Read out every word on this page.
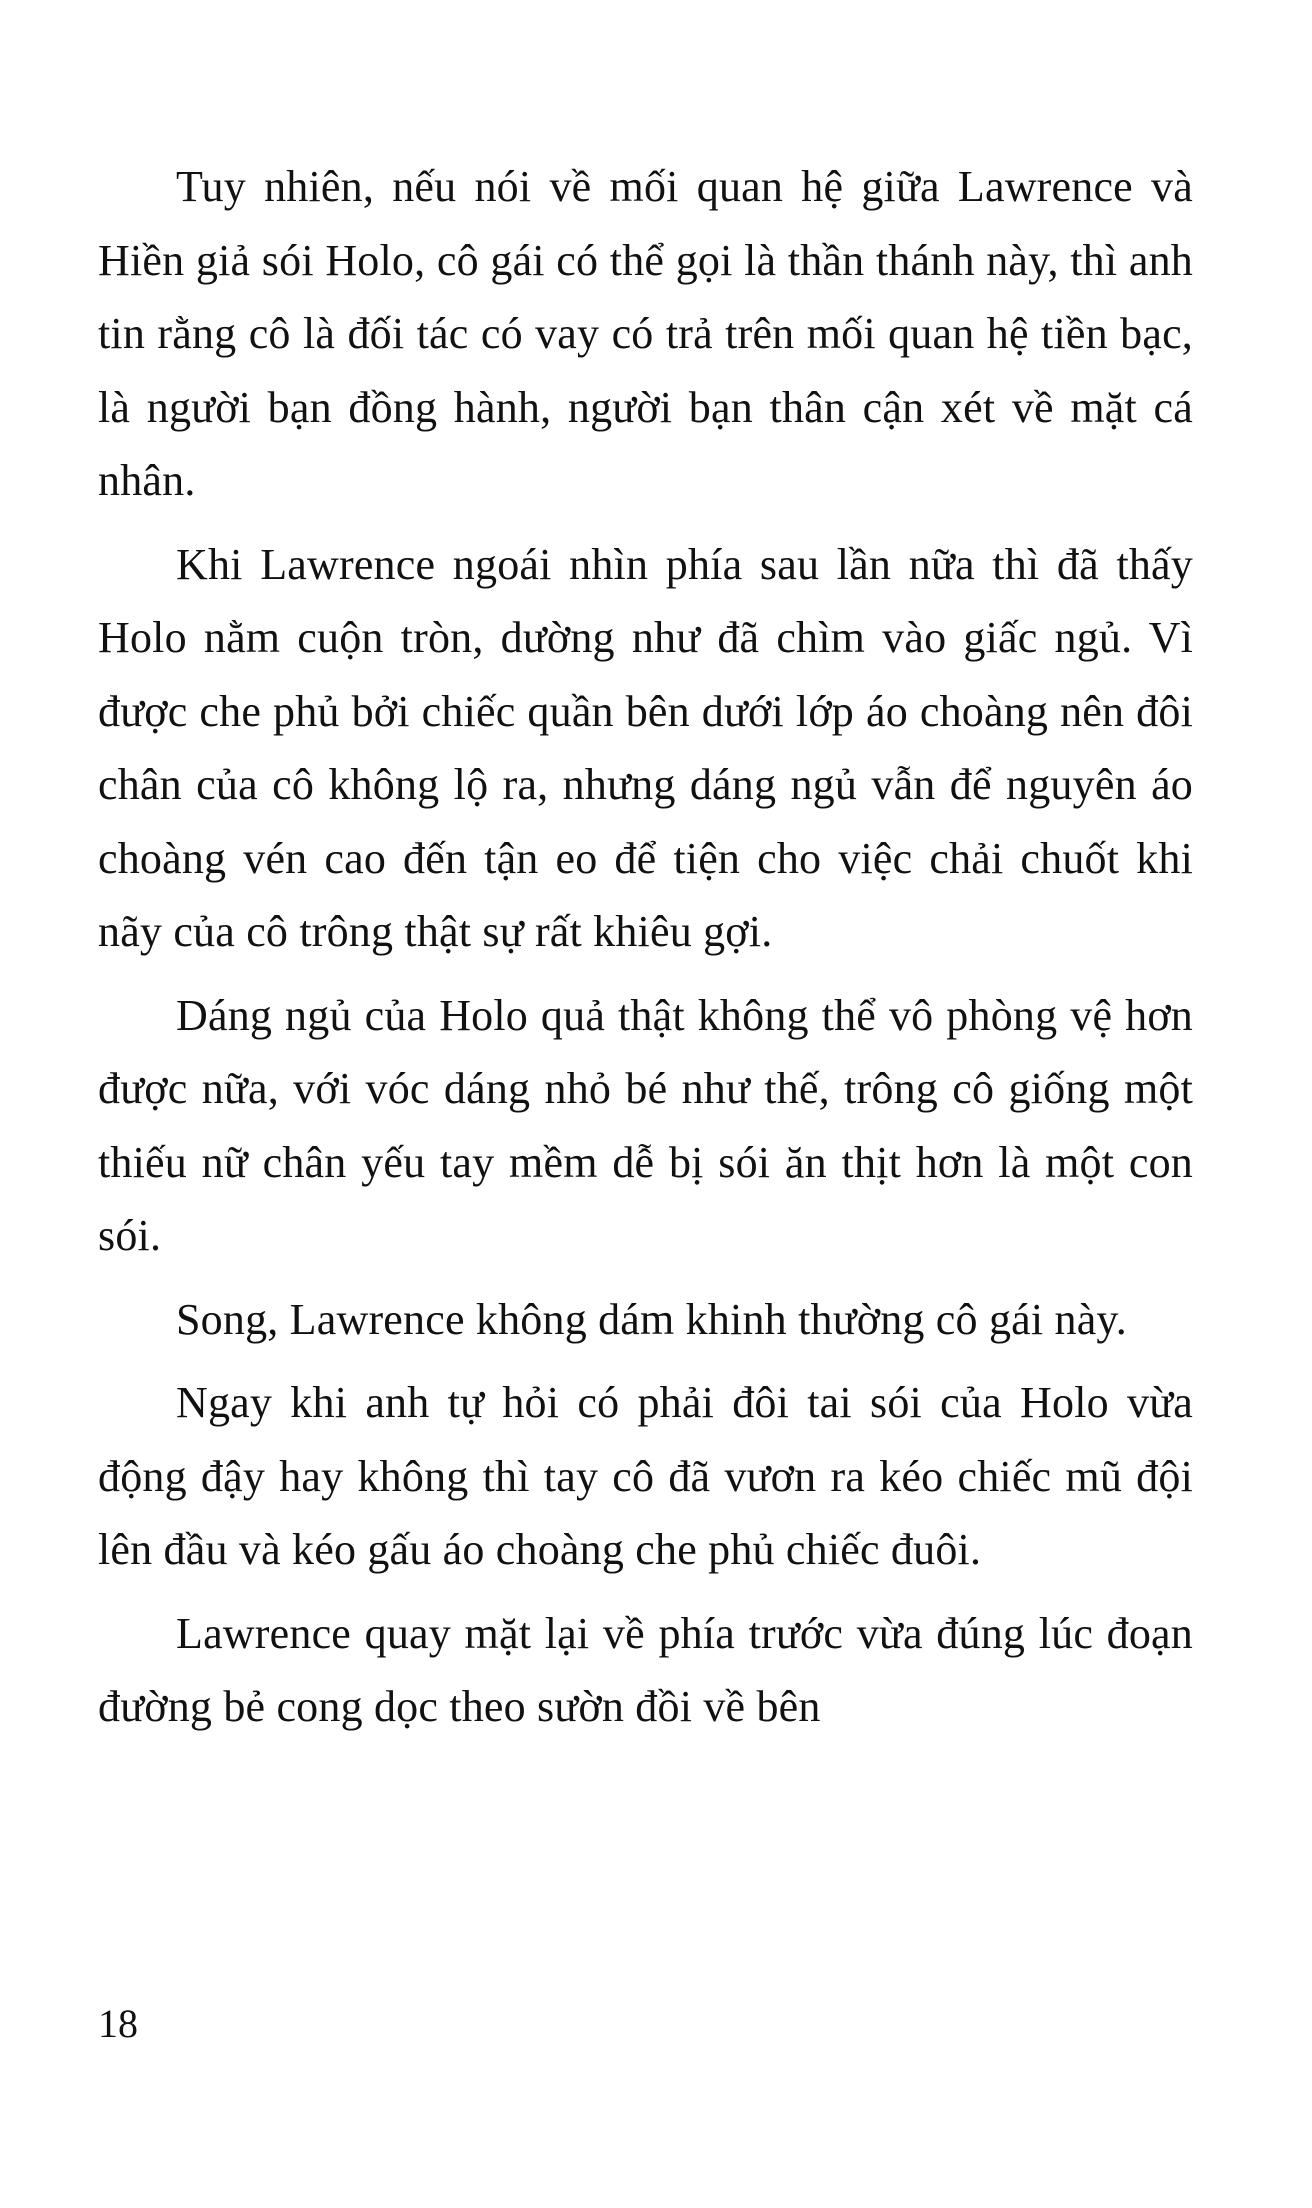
Tuy nhiên, nếu nói về mối quan hệ giữa Lawrence và Hiền giả sói Holo, cô gái có thể gọi là thần thánh này, thì anh tin rằng cô là đối tác có vay có trả trên mối quan hệ tiền bạc, là người bạn đồng hành, người bạn thân cận xét về mặt cá nhân.

Khi Lawrence ngoái nhìn phía sau lần nữa thì đã thấy Holo nằm cuộn tròn, dường như đã chìm vào giấc ngủ. Vì được che phủ bởi chiếc quần bên dưới lớp áo choàng nên đôi chân của cô không lộ ra, nhưng dáng ngủ vẫn để nguyên áo choàng vén cao đến tận eo để tiện cho việc chải chuốt khi nãy của cô trông thật sự rất khiêu gợi.

Dáng ngủ của Holo quả thật không thể vô phòng vệ hơn được nữa, với vóc dáng nhỏ bé như thế, trông cô giống một thiếu nữ chân yếu tay mềm dễ bị sói ăn thịt hơn là một con sói.

Song, Lawrence không dám khinh thường cô gái này.

Ngay khi anh tự hỏi có phải đôi tai sói của Holo vừa động đậy hay không thì tay cô đã vươn ra kéo chiếc mũ đội lên đầu và kéo gấu áo choàng che phủ chiếc đuôi.

Lawrence quay mặt lại về phía trước vừa đúng lúc đoạn đường bẻ cong dọc theo sườn đồi về bên

18
